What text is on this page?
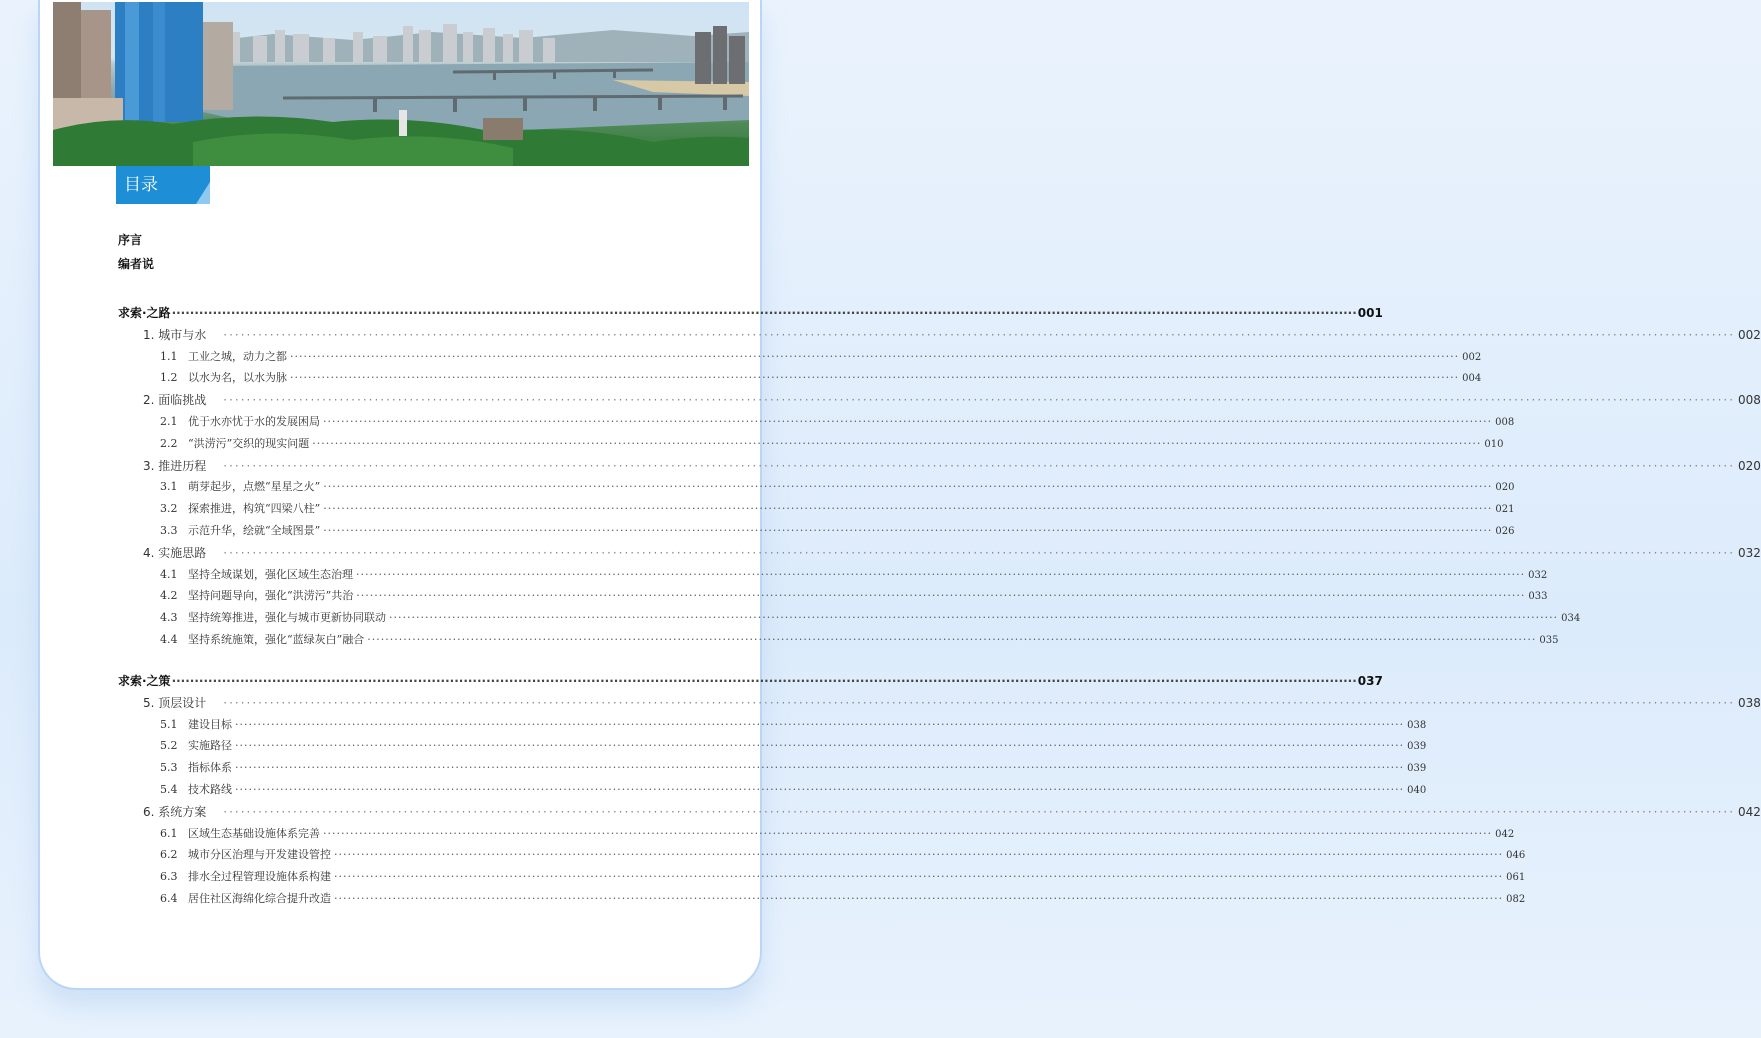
目录
序言
编者说
求索·之路 ···································································································································································································································································· 001
1. 城市与水 ···································································································································································································································································· 002
1.1 工业之城，动力之都 ···································································································································································································································································· 002
1.2 以水为名，以水为脉 ···································································································································································································································································· 004
2. 面临挑战 ···································································································································································································································································· 008
2.1 优于水亦忧于水的发展困局 ···································································································································································································································································· 008
2.2 “洪涝污”交织的现实问题 ···································································································································································································································································· 010
3. 推进历程 ···································································································································································································································································· 020
3.1 萌芽起步，点燃“星星之火” ···································································································································································································································································· 020
3.2 探索推进，构筑“四梁八柱” ···································································································································································································································································· 021
3.3 示范升华，绘就“全域图景” ···································································································································································································································································· 026
4. 实施思路 ···································································································································································································································································· 032
4.1 坚持全域谋划，强化区域生态治理 ···································································································································································································································································· 032
4.2 坚持问题导向，强化“洪涝污”共治 ···································································································································································································································································· 033
4.3 坚持统筹推进，强化与城市更新协同联动 ···································································································································································································································································· 034
4.4 坚持系统施策，强化“蓝绿灰白”融合 ···································································································································································································································································· 035
求索·之策 ···································································································································································································································································· 037
5. 顶层设计 ···································································································································································································································································· 038
5.1 建设目标 ···································································································································································································································································· 038
5.2 实施路径 ···································································································································································································································································· 039
5.3 指标体系 ···································································································································································································································································· 039
5.4 技术路线 ···································································································································································································································································· 040
6. 系统方案 ···································································································································································································································································· 042
6.1 区域生态基础设施体系完善 ···································································································································································································································································· 042
6.2 城市分区治理与开发建设管控 ···································································································································································································································································· 046
6.3 排水全过程管理设施体系构建 ···································································································································································································································································· 061
6.4 居住社区海绵化综合提升改造 ···································································································································································································································································· 082
